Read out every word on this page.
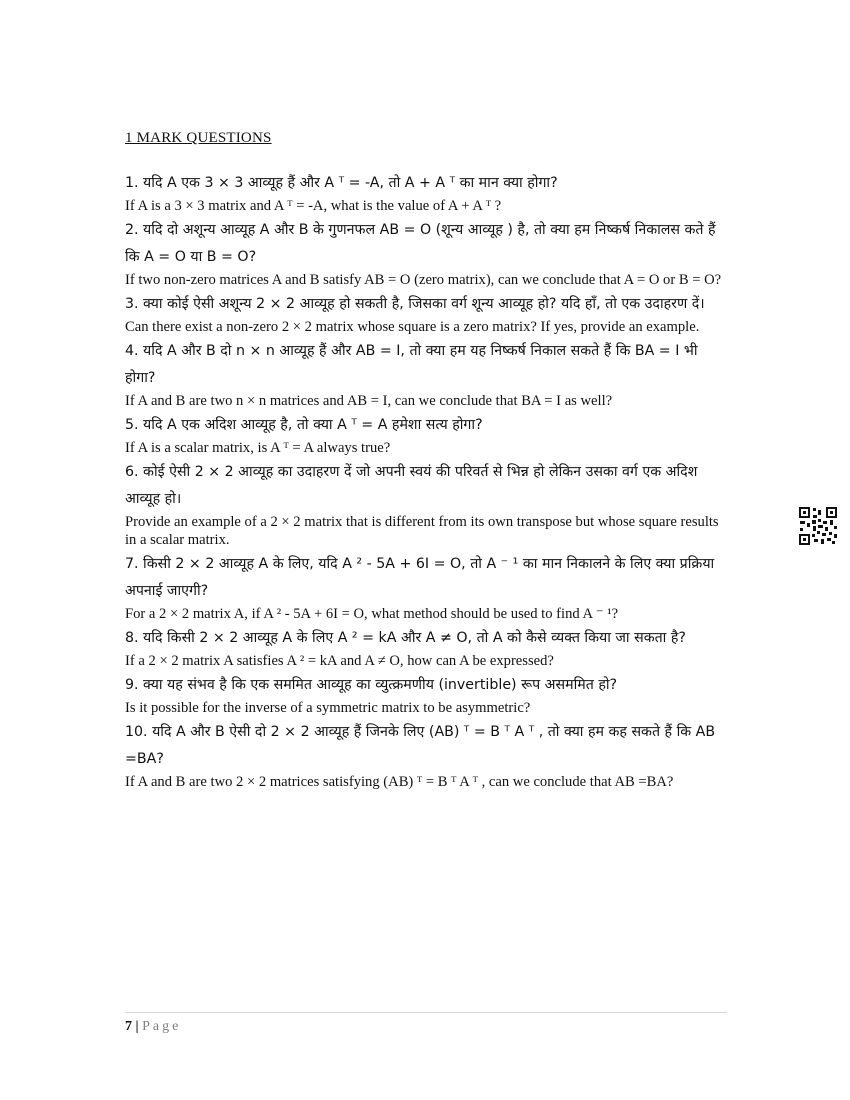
1 MARK QUESTIONS

1. यदि A एक 3 × 3 आव्यूह हैं और A ᵀ = -A, तो A + A ᵀ का मान क्या होगा?

If A is a 3 × 3 matrix and A ᵀ = -A, what is the value of A + A ᵀ ?

2. यदि दो अशून्य आव्यूह A और B के गुणनफल AB = O (शून्य आव्यूह ) है, तो क्या हम निष्कर्ष निकालस कते हैं कि A = O या B = O?

If two non-zero matrices A and B satisfy AB = O (zero matrix), can we conclude that A = O or B = O?

3. क्या कोई ऐसी अशून्य 2 × 2 आव्यूह हो सकती है, जिसका वर्ग शून्य आव्यूह हो? यदि हाँ, तो एक उदाहरण दें।

Can there exist a non-zero 2 × 2 matrix whose square is a zero matrix? If yes, provide an example.

4. यदि A और B दो n × n आव्यूह हैं और AB = I, तो क्या हम यह निष्कर्ष निकाल सकते हैं कि BA = I भी होगा?

If A and B are two n × n matrices and AB = I, can we conclude that BA = I as well?

5. यदि A एक अदिश आव्यूह है, तो क्या A ᵀ = A हमेशा सत्य होगा?

If A is a scalar matrix, is A ᵀ = A always true?

6. कोई ऐसी 2 × 2 आव्यूह का उदाहरण दें जो अपनी स्वयं की परिवर्त से भिन्न हो लेकिन उसका वर्ग एक अदिश आव्यूह हो।

Provide an example of a 2 × 2 matrix that is different from its own transpose but whose square results in a scalar matrix.

7. किसी 2 × 2 आव्यूह A के लिए, यदि A ² - 5A + 6I = O, तो A ⁻ ¹ का मान निकालने के लिए क्या प्रक्रिया अपनाई जाएगी?

For a 2 × 2 matrix A, if A ² - 5A + 6I = O, what method should be used to find A ⁻ ¹?

8. यदि किसी 2 × 2 आव्यूह A के लिए A ² = kA और A ≠ O, तो A को कैसे व्यक्त किया जा सकता है?

If a 2 × 2 matrix A satisfies A ² = kA and A ≠ O, how can A be expressed?

9. क्या यह संभव है कि एक सममित आव्यूह का व्युत्क्रमणीय (invertible) रूप असममित हो?

Is it possible for the inverse of a symmetric matrix to be asymmetric?

10. यदि A और B ऐसी दो 2 × 2 आव्यूह हैं जिनके लिए (AB) ᵀ = B ᵀ A ᵀ , तो क्या हम कह सकते हैं कि AB =BA?

If A and B are two 2 × 2 matrices satisfying (AB) ᵀ = B ᵀ A ᵀ , can we conclude that AB =BA?

7 | Page
